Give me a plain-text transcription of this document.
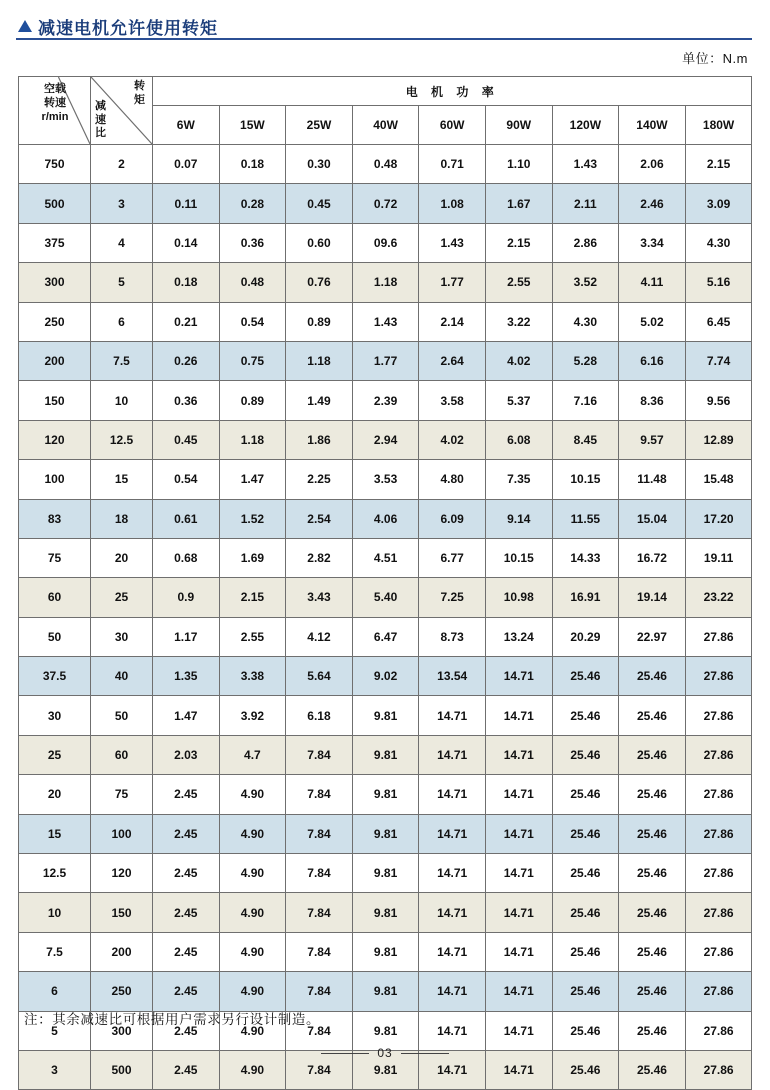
减速电机允许使用转矩
单位：N.m
空载
转速
r/min

转
矩
减
速
比
	电 机 功 率
		6W	15W	25W	40W	60W	90W	120W	140W	180W
750	2	0.07	0.18	0.30	0.48	0.71	1.10	1.43	2.06	2.15
500	3	0.11	0.28	0.45	0.72	1.08	1.67	2.11	2.46	3.09
375	4	0.14	0.36	0.60	09.6	1.43	2.15	2.86	3.34	4.30
300	5	0.18	0.48	0.76	1.18	1.77	2.55	3.52	4.11	5.16
250	6	0.21	0.54	0.89	1.43	2.14	3.22	4.30	5.02	6.45
200	7.5	0.26	0.75	1.18	1.77	2.64	4.02	5.28	6.16	7.74
150	10	0.36	0.89	1.49	2.39	3.58	5.37	7.16	8.36	9.56
120	12.5	0.45	1.18	1.86	2.94	4.02	6.08	8.45	9.57	12.89
100	15	0.54	1.47	2.25	3.53	4.80	7.35	10.15	11.48	15.48
83	18	0.61	1.52	2.54	4.06	6.09	9.14	11.55	15.04	17.20
75	20	0.68	1.69	2.82	4.51	6.77	10.15	14.33	16.72	19.11
60	25	0.9	2.15	3.43	5.40	7.25	10.98	16.91	19.14	23.22
50	30	1.17	2.55	4.12	6.47	8.73	13.24	20.29	22.97	27.86
37.5	40	1.35	3.38	5.64	9.02	13.54	14.71	25.46	25.46	27.86
30	50	1.47	3.92	6.18	9.81	14.71	14.71	25.46	25.46	27.86
25	60	2.03	4.7	7.84	9.81	14.71	14.71	25.46	25.46	27.86
20	75	2.45	4.90	7.84	9.81	14.71	14.71	25.46	25.46	27.86
15	100	2.45	4.90	7.84	9.81	14.71	14.71	25.46	25.46	27.86
12.5	120	2.45	4.90	7.84	9.81	14.71	14.71	25.46	25.46	27.86
10	150	2.45	4.90	7.84	9.81	14.71	14.71	25.46	25.46	27.86
7.5	200	2.45	4.90	7.84	9.81	14.71	14.71	25.46	25.46	27.86
6	250	2.45	4.90	7.84	9.81	14.71	14.71	25.46	25.46	27.86
5	300	2.45	4.90	7.84	9.81	14.71	14.71	25.46	25.46	27.86
3	500	2.45	4.90	7.84	9.81	14.71	14.71	25.46	25.46	27.86
注：其余减速比可根据用户需求另行设计制造。
03
